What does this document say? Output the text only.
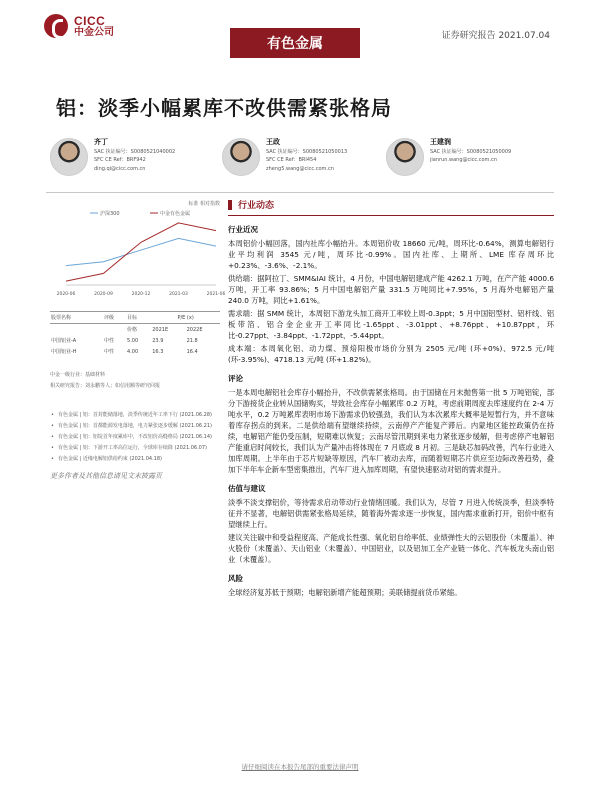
CICC
中金公司
有色金属	证券研究报告 2021.07.04
铝：淡季小幅累库不改供需紧张格局
齐丁
SAC 执证编号：S0080521040002
SFC CE Ref：BRF942
ding.qi@cicc.com.cn
王政
SAC 执证编号：S0080521050013
SFC CE Ref：BRI454
zheng5.wang@cicc.com.cn
王建润
SAC 执证编号：S0080521050009
jianrun.wang@cicc.com.cn
标准 相对指数
沪深300	中金有色金属
2020-06	2020-09	2020-12	2021-03	2021-06
股票名称	评级	目标	P/E (x)	
		价格	2021E	2022E
中国铝业-A	中性	5.00	23.9	21.8
中国铝业-H	中性	4.00	16.3	16.4
中金一级行业：基础材料
相关研究报告：刘永鹏等人；如信用额等研究回报
• 有色金属 | 铝：首封能储落地，淡季传统近年工率下行 (2021.06.28)
• 有色金属 | 铝：首都能源发电落地，电力紧张逐步缓解 (2021.06.21)
• 有色金属 | 铝：铝锭首年度累库中，不改铝价高缝格局 (2021.06.14)
• 有色金属 | 铝：下游开工率高位运行，全球库存续降 (2021.06.07)
• 有色金属 | 近缘电解铝供给约束 (2021.04.18)
更多作者及其他信息请见文末披露页
行业动态
行业近况
本周铝价小幅回落，国内社库小幅抬升。本周铝价收 18660 元/吨，周环比-0.64%，测算电解铝行业平均利润 3545 元/吨，周环比-0.99%。国内社库、上期所、LME 库存周环比+0.23%、-3.6%、-2.1%。
供给端：据阿拉丁、SMM&IAI 统计，4 月份，中国电解铝建成产能 4262.1 万吨，在产产能 4000.6 万吨，开工率 93.86%；5 月中国电解铝产量 331.5 万吨同比+7.95%，5 月海外电解铝产量 240.0 万吨，同比+1.61%。
需求端：据 SMM 统计，本周铝下游龙头加工商开工率较上周-0.3ppt；5 月中国铝型材、铝杆线、铝板带箔、铝合金企业开工率同比-1.65ppt、-3.01ppt、+8.76ppt、+10.87ppt，环比-0.27ppt、-3.84ppt、-1.72ppt、-5.44ppt。
成本端：本周氧化铝、动力煤、预焙阳极市场价分别为 2505 元/吨 (环+0%)、972.5 元/吨 (环-3.95%)、4718.13 元/吨 (环+1.82%)。
评论
一是本周电解铝社会库存小幅抬升，不改供需紧张格局。由于国储在月末抛售第一批 5 万吨铝锭，部分下游接货企业转从国储购买，导致社会库存小幅累库 0.2 万吨，考虑前期周度去库速度约在 2-4 万吨水平，0.2 万吨累库表明市场下游需求仍较强劲，我们认为本次累库大概率是短暂行为，并不意味着库存拐点的到来。二是供给端有望继续持续，云南停产产能复产滞后。内蒙地区能控政策仍在持续，电解铝产能仍受压制，短期难以恢复；云南尽管汛期到来电力紧张逐步缓解，但考虑停产电解铝产能重启时间较长，我们认为产量冲击将体现在 7 月底或 8 月初。三是缺芯加码改善，汽车行业进入加库周期。上半年由于芯片短缺等原因，汽车厂被动去库，而随着短期芯片供应至边际改善趋势，叠加下半年车企新车型密集推出，汽车厂进入加库周期，有望快速驱动对铝的需求提升。
估值与建议
淡季不淡支撑铝价，等待需求启动带动行业情绪回暖。我们认为，尽管 7 月进入传统淡季，但淡季特征并不显著，电解铝供需紧张格局延续，随着海外需求逐一步恢复，国内需求重新打开，铝价中枢有望继续上行。
建议关注碳中和受益程度高、产能成长性强、氧化铝自给率低、业绩弹性大的云铝股份（未覆盖）、神火股份（未覆盖）、天山铝业（未覆盖）、中国铝业，以及铝加工全产业链一体化、汽车板龙头南山铝业（未覆盖）。
风险
全球经济复苏低于预期；电解铝新增产能超预期；美联储提前货币紧缩。
请仔细阅读在本报告尾部的重要法律声明
